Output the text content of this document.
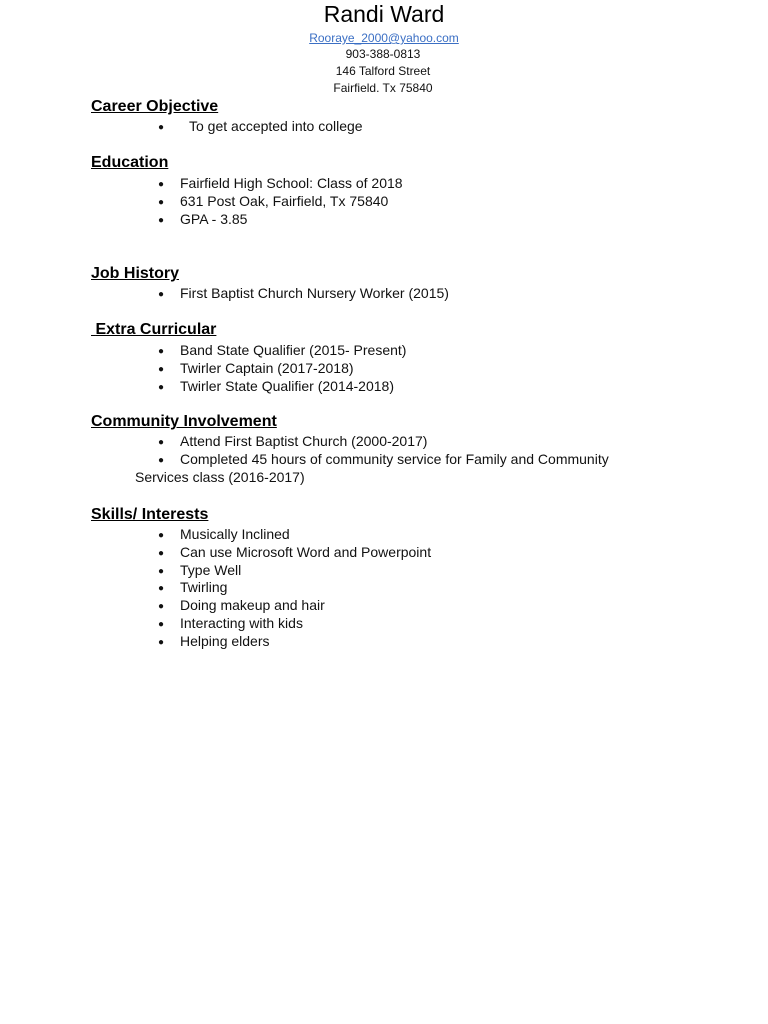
Randi Ward
Rooraye_2000@yahoo.com
903-388-0813
146 Talford Street
Fairfield. Tx 75840
Career Objective
● To get accepted into college
Education
● Fairfield High School: Class of 2018
● 631 Post Oak, Fairfield, Tx 75840
● GPA - 3.85
Job History
● First Baptist Church Nursery Worker (2015)
Extra Curricular
● Band State Qualifier (2015- Present)
● Twirler Captain (2017-2018)
● Twirler State Qualifier (2014-2018)
Community Involvement
● Attend First Baptist Church (2000-2017)
● Completed 45 hours of community service for Family and Community
Services class (2016-2017)
Skills/ Interests
● Musically Inclined
● Can use Microsoft Word and Powerpoint
● Type Well
● Twirling
● Doing makeup and hair
● Interacting with kids
● Helping elders
